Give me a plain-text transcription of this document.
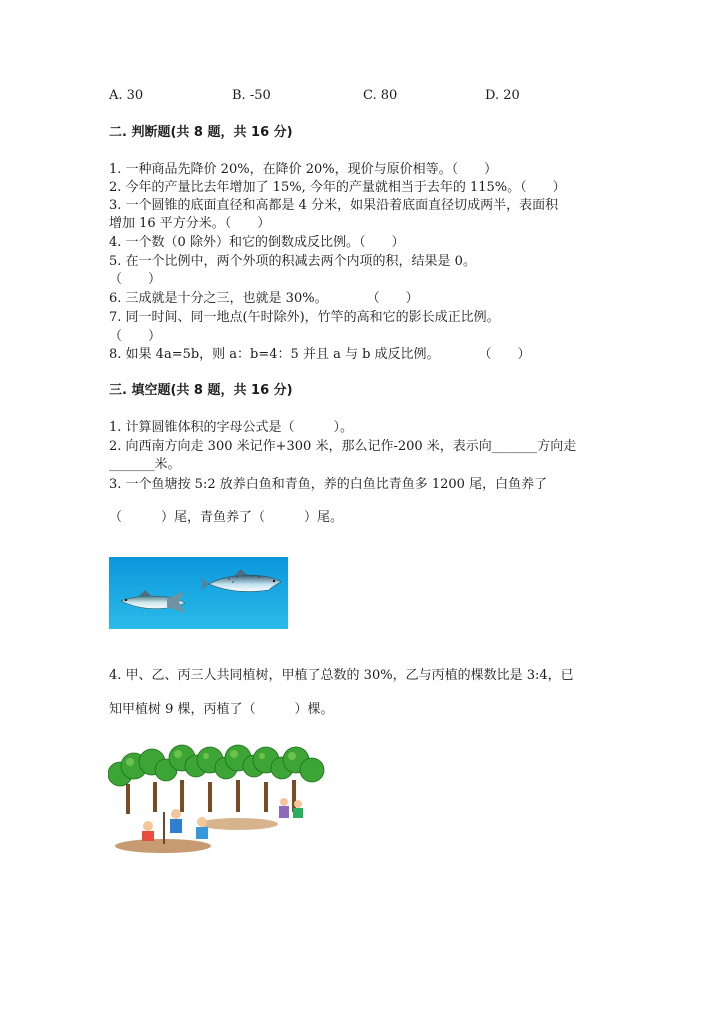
A. 30	B. -50	C. 80	D. 20
二. 判断题(共 8 题，共 16 分)
1. 一种商品先降价 20%，在降价 20%，现价与原价相等。（　　）
2. 今年的产量比去年增加了 15%, 今年的产量就相当于去年的 115%。（　　）
3. 一个圆锥的底面直径和高都是 4 分米，如果沿着底面直径切成两半，表面积
增加 16 平方分米。（　　）
4. 一个数（0 除外）和它的倒数成反比例。（　　）
5. 在一个比例中，两个外项的积减去两个内项的积，结果是 0。
（　　）
6. 三成就是十分之三，也就是 30%。　　　　（　　）
7. 同一时间、同一地点(午时除外)，竹竿的高和它的影长成正比例。
（　　）
8. 如果 4a=5b，则 a：b=4：5 并且 a 与 b 成反比例。　　　　（　　）
三. 填空题(共 8 题，共 16 分)
1. 计算圆锥体积的字母公式是（　　　）。
2. 向西南方向走 300 米记作+300 米，那么记作-200 米，表示向_______方向走
_______米。
3. 一个鱼塘按 5:2 放养白鱼和青鱼，养的白鱼比青鱼多 1200 尾，白鱼养了
（　　　）尾，青鱼养了（　　　）尾。
4. 甲、乙、丙三人共同植树，甲植了总数的 30%，乙与丙植的棵数比是 3:4，已
知甲植树 9 棵，丙植了（　　　）棵。
